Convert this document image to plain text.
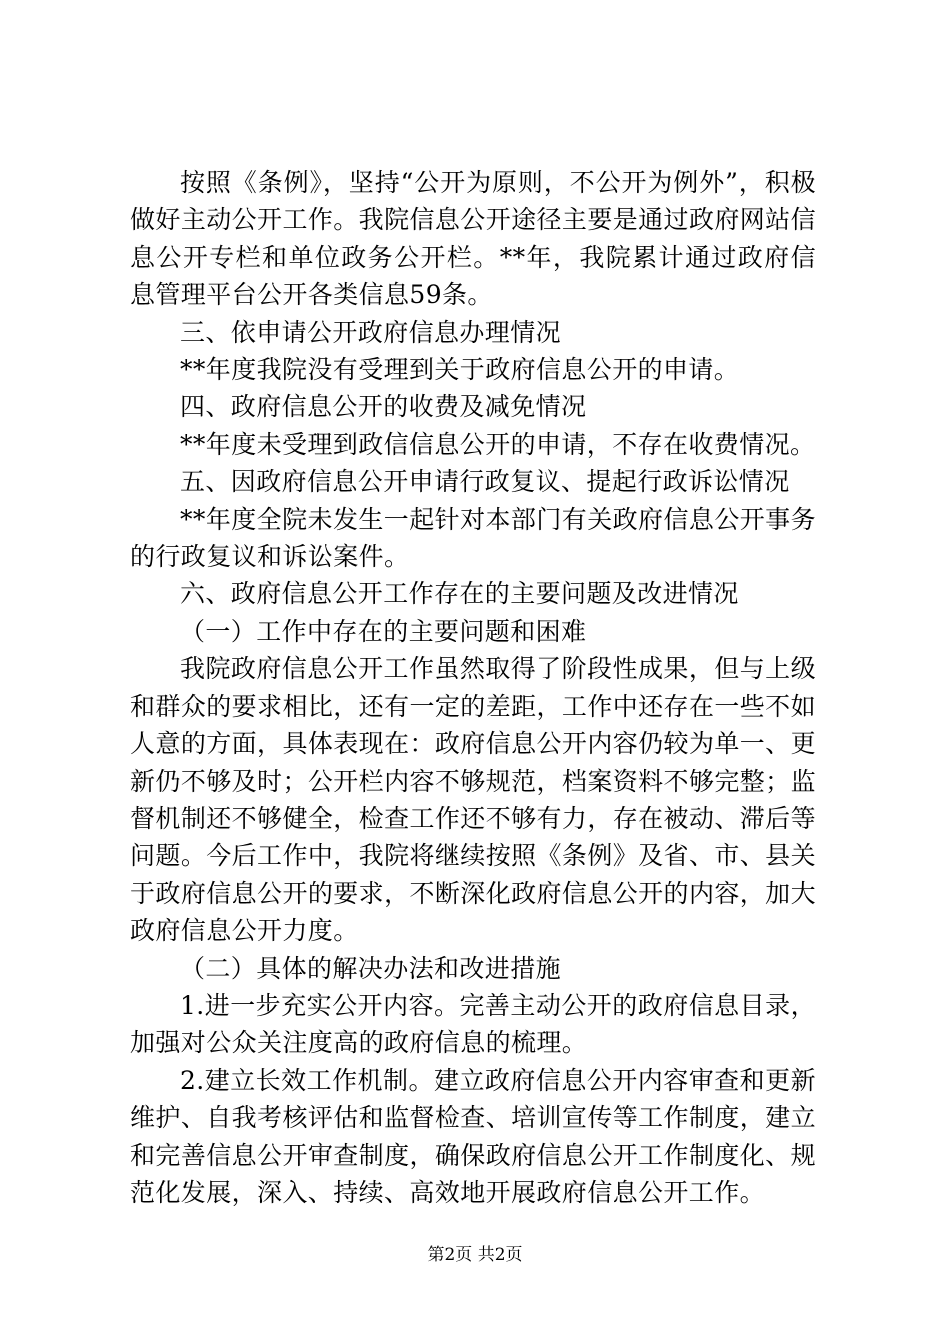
按照《条例》，坚持“公开为原则，不公开为例外”，积极做好主动公开工作。我院信息公开途径主要是通过政府网站信息公开专栏和单位政务公开栏。**年，我院累计通过政府信息管理平台公开各类信息59条。

三、依申请公开政府信息办理情况

**年度我院没有受理到关于政府信息公开的申请。

四、政府信息公开的收费及减免情况

**年度未受理到政信信息公开的申请，不存在收费情况。

五、因政府信息公开申请行政复议、提起行政诉讼情况

**年度全院未发生一起针对本部门有关政府信息公开事务的行政复议和诉讼案件。

六、政府信息公开工作存在的主要问题及改进情况

（一）工作中存在的主要问题和困难

我院政府信息公开工作虽然取得了阶段性成果，但与上级和群众的要求相比，还有一定的差距，工作中还存在一些不如人意的方面，具体表现在：政府信息公开内容仍较为单一、更新仍不够及时；公开栏内容不够规范，档案资料不够完整；监督机制还不够健全，检查工作还不够有力，存在被动、滞后等问题。今后工作中，我院将继续按照《条例》及省、市、县关于政府信息公开的要求，不断深化政府信息公开的内容，加大政府信息公开力度。

（二）具体的解决办法和改进措施

1.进一步充实公开内容。完善主动公开的政府信息目录，加强对公众关注度高的政府信息的梳理。

2.建立长效工作机制。建立政府信息公开内容审查和更新维护、自我考核评估和监督检查、培训宣传等工作制度，建立和完善信息公开审查制度，确保政府信息公开工作制度化、规范化发展，深入、持续、高效地开展政府信息公开工作。

第2页 共2页
